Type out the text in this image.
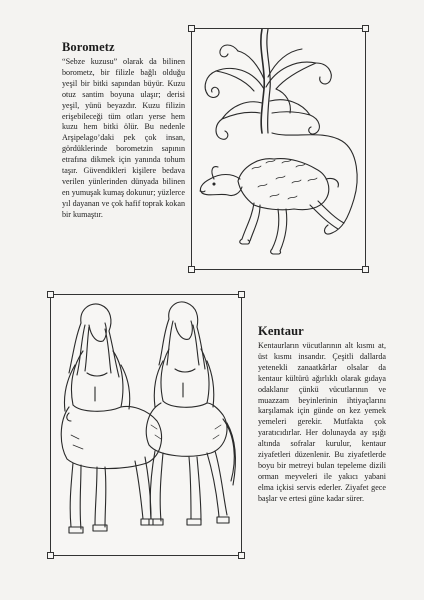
Borometz

“Sebze kuzusu” olarak da bilinen borometz, bir filizle bağlı olduğu yeşil bir bitki sapından büyür. Kuzu otuz santim boyuna ulaşır; derisi yeşil, yünü beyazdır. Kuzu filizin erişebileceği tüm otları yerse hem kuzu hem bitki ölür. Bu nedenle Arşipelago’daki pek çok insan, gördüklerinde borometzin sapının etrafına dikmek için yanında tohum taşır. Güvendikleri kişilere bedava verilen yünlerinden dünyada bilinen en yumuşak kumaş dokunur; yüzlerce yıl dayanan ve çok hafif toprak kokan bir kumaştır.

Kentaur

Kentaurların vücutlarının alt kısmı at, üst kısmı insandır. Çeşitli dallarda yetenekli zanaatkârlar olsalar da kentaur kültürü ağırlıklı olarak gıdaya odaklanır çünkü vücutlarının ve muazzam beyinlerinin ihtiyaçlarını karşılamak için günde on kez yemek yemeleri gerekir. Mutfakta çok yaratıcıdırlar. Her dolunayda ay ışığı altında sofralar kurulur, kentaur ziyafetleri düzenlenir. Bu ziyafetlerde boyu bir metreyi bulan tepeleme dizili orman meyveleri ile yakıcı yabani elma içkisi servis ederler. Ziyafet gece başlar ve ertesi güne kadar sürer.
